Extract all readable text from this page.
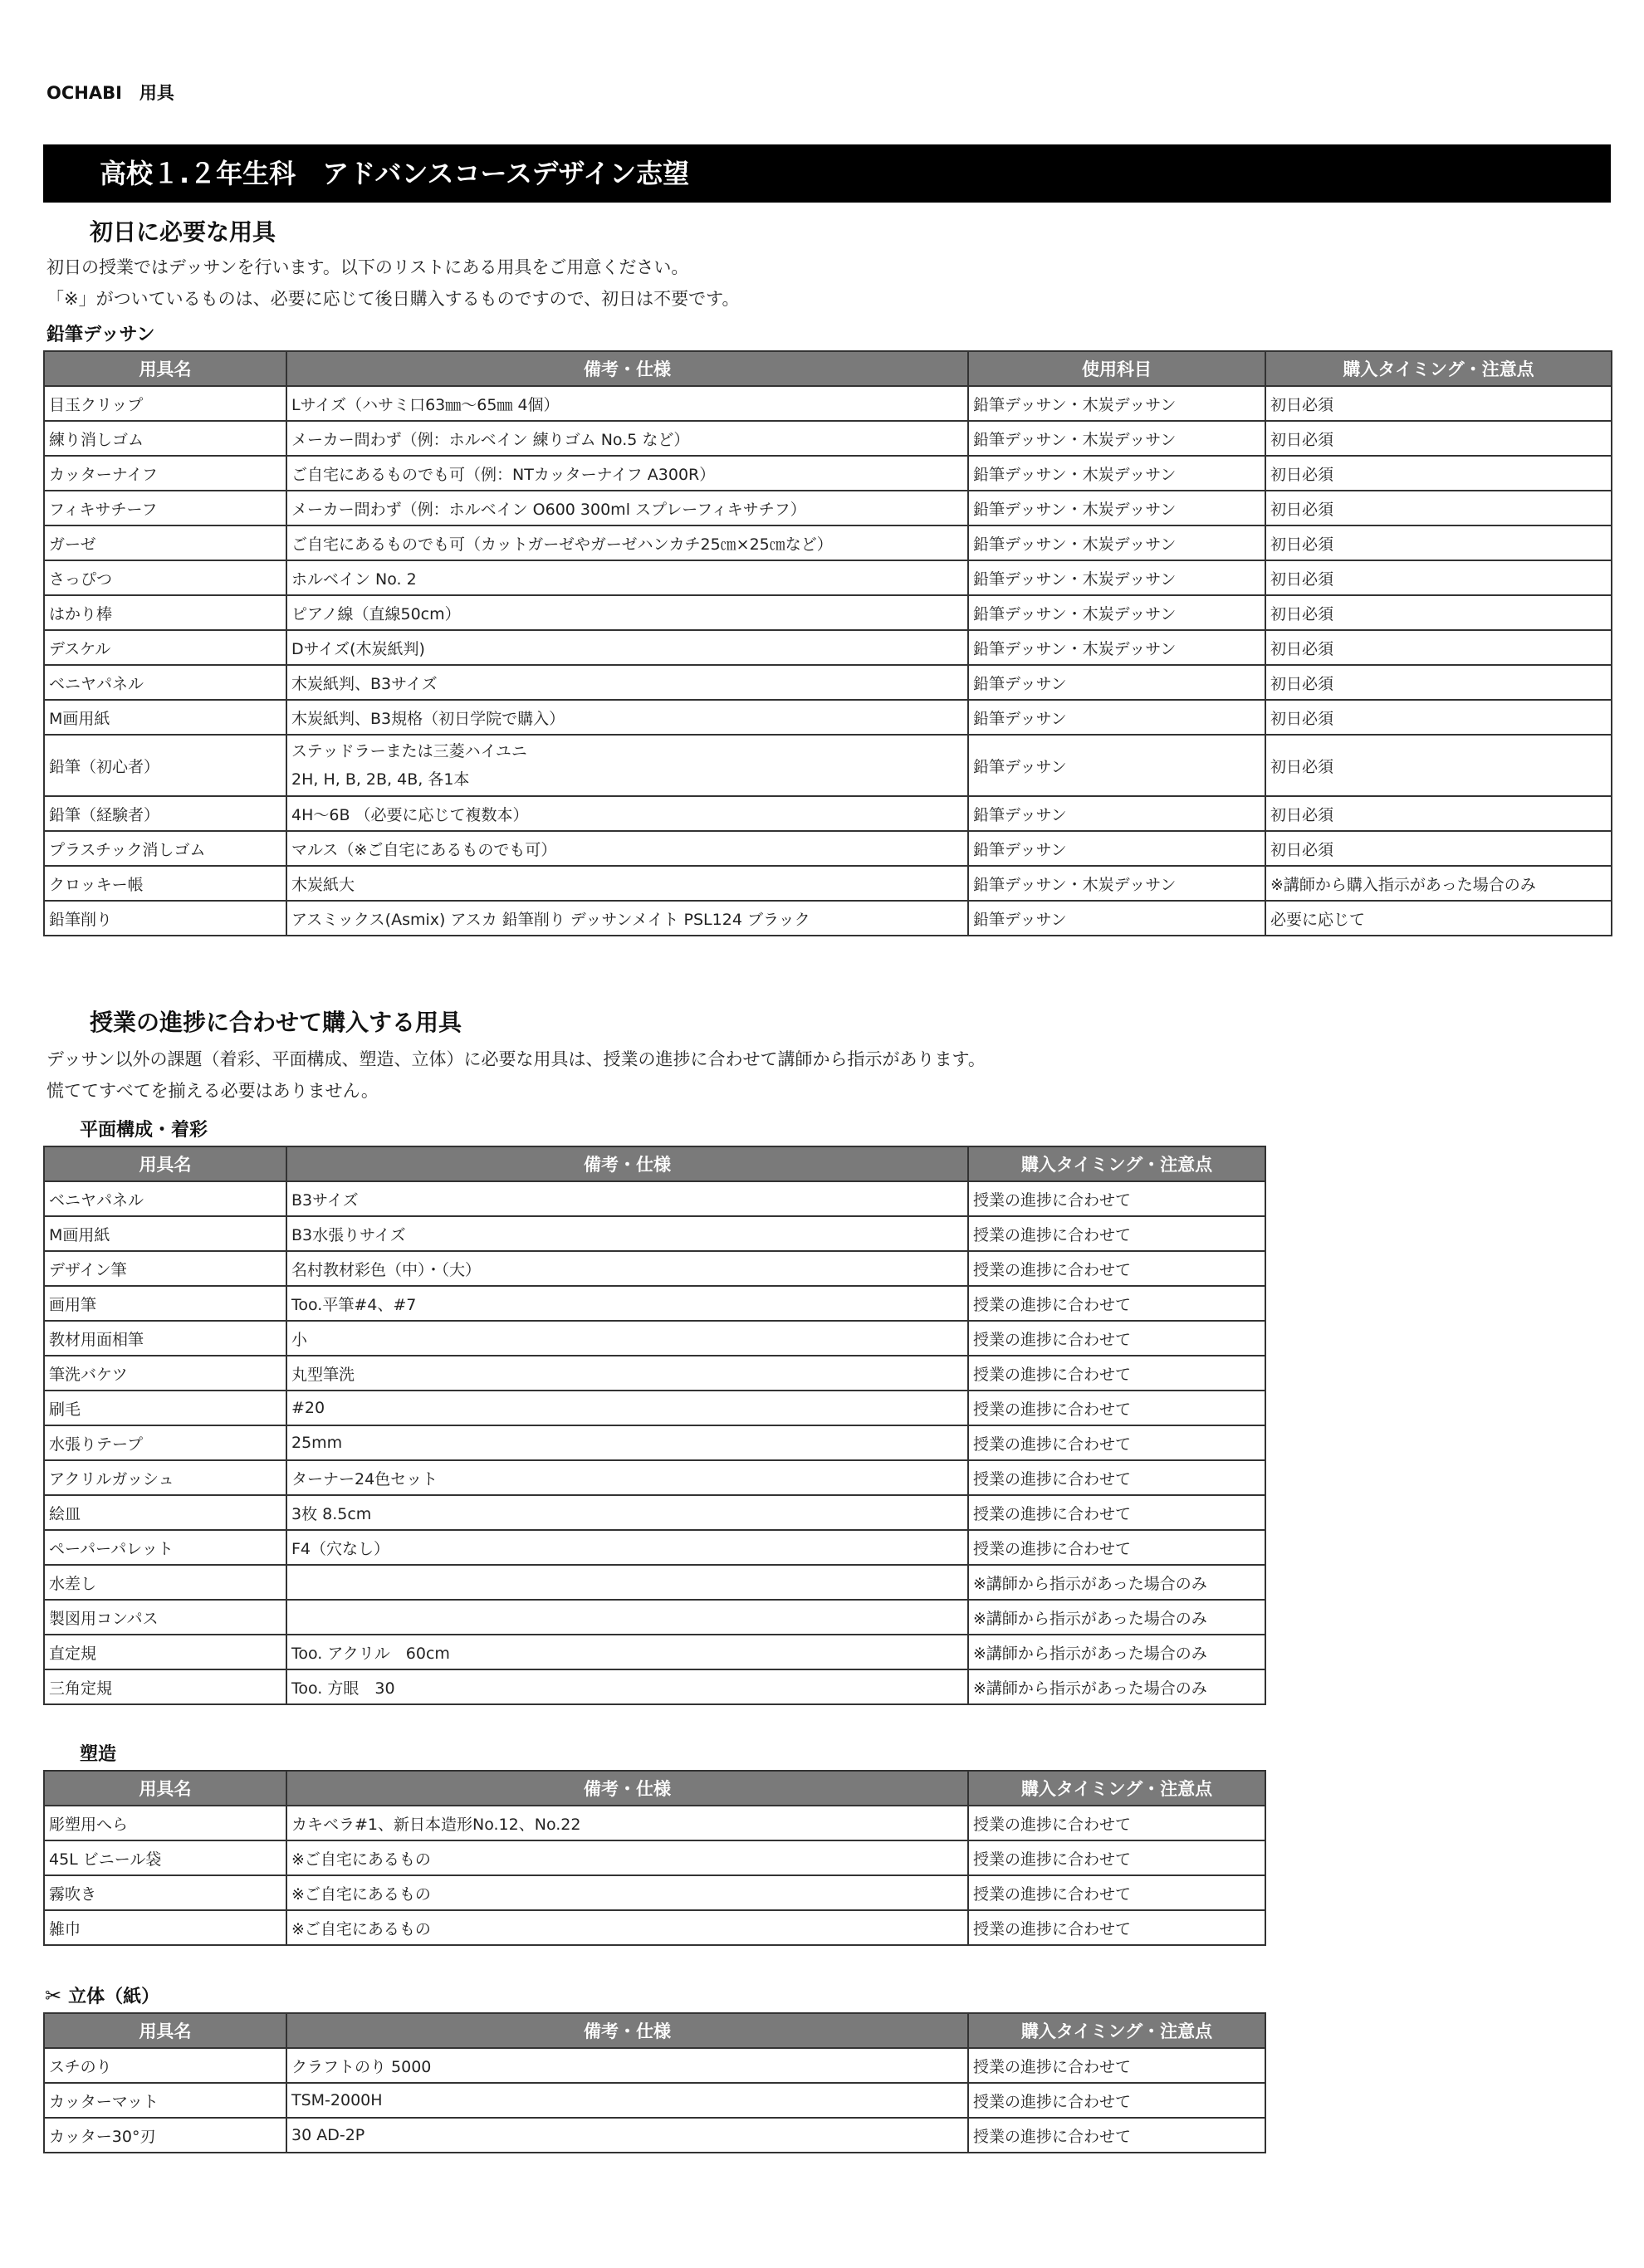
OCHABI　用具
高校１.２年生科　アドバンスコースデザイン志望
初日に必要な用具
初日の授業ではデッサンを行います。以下のリストにある用具をご用意ください。
「※」がついているものは、必要に応じて後日購入するものですので、初日は不要です。
鉛筆デッサン
用具名	備考・仕様	使用科目	購入タイミング・注意点
目玉クリップ	Lサイズ（ハサミ口63㎜〜65㎜ 4個）	鉛筆デッサン・木炭デッサン	初日必須
練り消しゴム	メーカー問わず（例：ホルベイン 練りゴム No.5 など）	鉛筆デッサン・木炭デッサン	初日必須
カッターナイフ	ご自宅にあるものでも可（例：NTカッターナイフ A300R）	鉛筆デッサン・木炭デッサン	初日必須
フィキサチーフ	メーカー問わず（例：ホルベイン O600 300ml スプレーフィキサチフ）	鉛筆デッサン・木炭デッサン	初日必須
ガーゼ	ご自宅にあるものでも可（カットガーゼやガーゼハンカチ25㎝×25㎝など）	鉛筆デッサン・木炭デッサン	初日必須
さっぴつ	ホルベイン No. 2	鉛筆デッサン・木炭デッサン	初日必須
はかり棒	ピアノ線（直線50cm）	鉛筆デッサン・木炭デッサン	初日必須
デスケル	Dサイズ(木炭紙判)	鉛筆デッサン・木炭デッサン	初日必須
ベニヤパネル	木炭紙判、B3サイズ	鉛筆デッサン	初日必須
M画用紙	木炭紙判、B3規格（初日学院で購入）	鉛筆デッサン	初日必須
鉛筆（初心者）	ステッドラーまたは三菱ハイユニ
2H, H, B, 2B, 4B, 各1本	鉛筆デッサン	初日必須
鉛筆（経験者）	4H〜6B （必要に応じて複数本）	鉛筆デッサン	初日必須
プラスチック消しゴム	マルス（※ご自宅にあるものでも可）	鉛筆デッサン	初日必須
クロッキー帳	木炭紙大	鉛筆デッサン・木炭デッサン	※講師から購入指示があった場合のみ
鉛筆削り	アスミックス(Asmix) アスカ 鉛筆削り デッサンメイト PSL124 ブラック	鉛筆デッサン	必要に応じて
授業の進捗に合わせて購入する用具
デッサン以外の課題（着彩、平面構成、塑造、立体）に必要な用具は、授業の進捗に合わせて講師から指示があります。
慌ててすべてを揃える必要はありません。
平面構成・着彩
用具名	備考・仕様	購入タイミング・注意点
ベニヤパネル	B3サイズ	授業の進捗に合わせて
M画用紙	B3水張りサイズ	授業の進捗に合わせて
デザイン筆	名村教材彩色（中）・（大）	授業の進捗に合わせて
画用筆	Too.平筆#4、#7	授業の進捗に合わせて
教材用面相筆	小	授業の進捗に合わせて
筆洗バケツ	丸型筆洗	授業の進捗に合わせて
刷毛	#20	授業の進捗に合わせて
水張りテープ	25mm	授業の進捗に合わせて
アクリルガッシュ	ターナー24色セット	授業の進捗に合わせて
絵皿	3枚 8.5cm	授業の進捗に合わせて
ペーパーパレット	F4（穴なし）	授業の進捗に合わせて
水差し		※講師から指示があった場合のみ
製図用コンパス		※講師から指示があった場合のみ
直定規	Too. アクリル　60cm	※講師から指示があった場合のみ
三角定規	Too. 方眼　30	※講師から指示があった場合のみ
塑造
用具名	備考・仕様	購入タイミング・注意点
彫塑用へら	カキベラ#1、新日本造形No.12、No.22	授業の進捗に合わせて
45L ビニール袋	※ご自宅にあるもの	授業の進捗に合わせて
霧吹き	※ご自宅にあるもの	授業の進捗に合わせて
雑巾	※ご自宅にあるもの	授業の進捗に合わせて
✂ 立体（紙）
用具名	備考・仕様	購入タイミング・注意点
スチのり	クラフトのり 5000	授業の進捗に合わせて
カッターマット	TSM-2000H	授業の進捗に合わせて
カッター30°刃	30 AD-2P	授業の進捗に合わせて
